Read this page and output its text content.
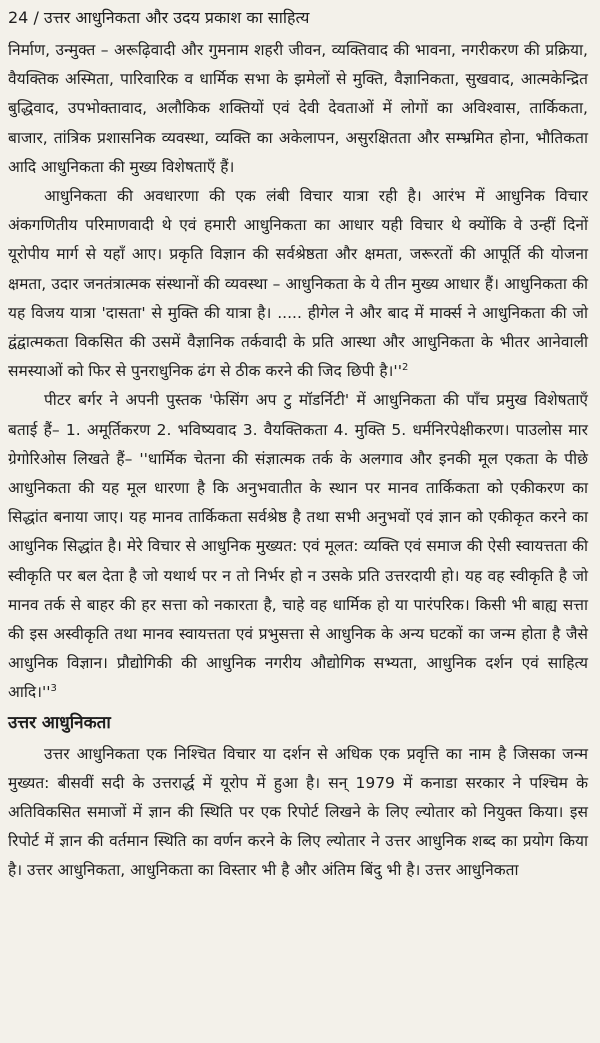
24 / उत्तर आधुनिकता और उदय प्रकाश का साहित्य

निर्माण, उन्मुक्त – अरूढ़िवादी और गुमनाम शहरी जीवन, व्यक्तिवाद की भावना, नगरीकरण की प्रक्रिया, वैयक्तिक अस्मिता, पारिवारिक व धार्मिक सभा के झमेलों से मुक्ति, वैज्ञानिकता, सुखवाद, आत्मकेन्द्रित बुद्धिवाद, उपभोक्तावाद, अलौकिक शक्तियों एवं देवी देवताओं में लोगों का अविश्वास, तार्किकता, बाजार, तांत्रिक प्रशासनिक व्यवस्था, व्यक्ति का अकेलापन, असुरक्षितता और सम्भ्रमित होना, भौतिकता आदि आधुनिकता की मुख्य विशेषताएँ हैं।

आधुनिकता की अवधारणा की एक लंबी विचार यात्रा रही है। आरंभ में आधुनिक विचार अंकगणितीय परिमाणवादी थे एवं हमारी आधुनिकता का आधार यही विचार थे क्योंकि वे उन्हीं दिनों यूरोपीय मार्ग से यहाँ आए। प्रकृति विज्ञान की सर्वश्रेष्ठता और क्षमता, जरूरतों की आपूर्ति की योजना क्षमता, उदार जनतंत्रात्मक संस्थानों की व्यवस्था – आधुनिकता के ये तीन मुख्य आधार हैं। आधुनिकता की यह विजय यात्रा 'दासता' से मुक्ति की यात्रा है। ..... हीगेल ने और बाद में मार्क्स ने आधुनिकता की जो द्वंद्वात्मकता विकसित की उसमें वैज्ञानिक तर्कवादी के प्रति आस्था और आधुनिकता के भीतर आनेवाली समस्याओं को फिर से पुनराधुनिक ढंग से ठीक करने की जिद छिपी $है।''^2$

पीटर बर्गर ने अपनी पुस्तक 'फेसिंग अप टु मॉडर्निटी' में आधुनिकता की पाँच प्रमुख विशेषताएँ बताई हैं– 1. अमूर्तिकरण 2. भविष्यवाद 3. वैयक्तिकता 4. मुक्ति 5. धर्मनिरपेक्षीकरण। पाउलोस मार ग्रेगोरिओस लिखते हैं– ''धार्मिक चेतना की संज्ञात्मक तर्क के अलगाव और इनकी मूल एकता के पीछे आधुनिकता की यह मूल धारणा है कि अनुभवातीत के स्थान पर मानव तार्किकता को एकीकरण का सिद्धांत बनाया जाए। यह मानव तार्किकता सर्वश्रेष्ठ है तथा सभी अनुभवों एवं ज्ञान को एकीकृत करने का आधुनिक सिद्धांत है। मेरे विचार से आधुनिक मुख्यत: एवं मूलत: व्यक्ति एवं समाज की ऐसी स्वायत्तता की स्वीकृति पर बल देता है जो यथार्थ पर न तो निर्भर हो न उसके प्रति उत्तरदायी हो। यह वह स्वीकृति है जो मानव तर्क से बाहर की हर सत्ता को नकारता है, चाहे वह धार्मिक हो या पारंपरिक। किसी भी बाह्य सत्ता की इस अस्वीकृति तथा मानव स्वायत्तता एवं प्रभुसत्ता से आधुनिक के अन्य घटकों का जन्म होता है जैसे आधुनिक विज्ञान। प्रौद्योगिकी की आधुनिक नगरीय औद्योगिक सभ्यता, आधुनिक दर्शन एवं साहित्य $आदि।''^3$

उत्तर आधुनिकता

उत्तर आधुनिकता एक निश्चित विचार या दर्शन से अधिक एक प्रवृत्ति का नाम है जिसका जन्म मुख्यत: बीसवीं सदी के उत्तरार्द्ध में यूरोप में हुआ है। सन् 1979 में कनाडा सरकार ने पश्चिम के अतिविकसित समाजों में ज्ञान की स्थिति पर एक रिपोर्ट लिखने के लिए ल्योतार को नियुक्त किया। इस रिपोर्ट में ज्ञान की वर्तमान स्थिति का वर्णन करने के लिए ल्योतार ने उत्तर आधुनिक शब्द का प्रयोग किया है। उत्तर आधुनिकता, आधुनिकता का विस्तार भी है और अंतिम बिंदु भी है। उत्तर आधुनिकता
